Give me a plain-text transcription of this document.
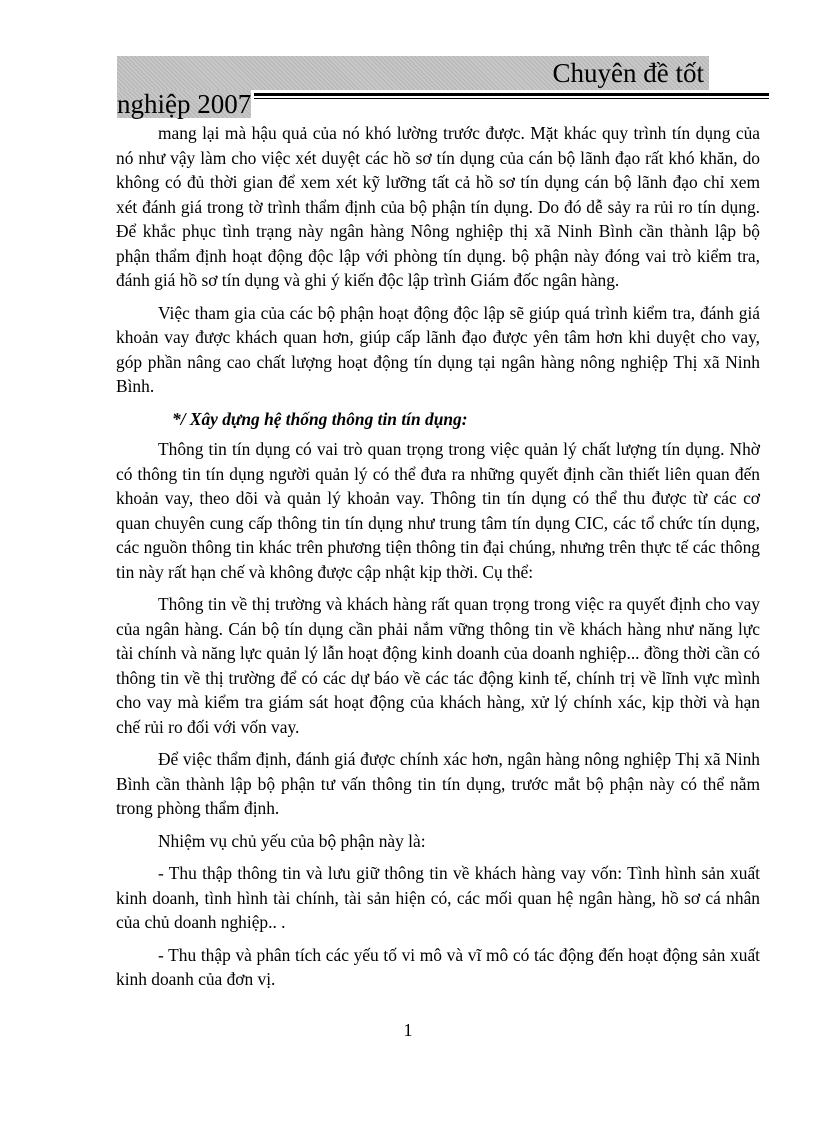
Chuyên đề tốt
nghiệp 2007

mang lại mà hậu quả của nó khó lường trước được. Mặt khác quy trình tín dụng của nó như vậy làm cho việc xét duyệt các hồ sơ tín dụng của cán bộ lãnh đạo rất khó khăn, do không có đủ thời gian để xem xét kỹ lưỡng tất cả hồ sơ tín dụng cán bộ lãnh đạo chỉ xem xét đánh giá trong tờ trình thẩm định của bộ phận tín dụng. Do đó dễ sảy ra rủi ro tín dụng. Để khắc phục tình trạng này ngân hàng Nông nghiệp thị xã Ninh Bình cần thành lập bộ phận thẩm định hoạt động độc lập với phòng tín dụng. bộ phận này đóng vai trò kiểm tra, đánh giá hồ sơ tín dụng và ghi ý kiến độc lập trình Giám đốc ngân hàng.

Việc tham gia của các bộ phận hoạt động độc lập sẽ giúp quá trình kiểm tra, đánh giá khoản vay được khách quan hơn, giúp cấp lãnh đạo được yên tâm hơn khi duyệt cho vay, góp phần nâng cao chất lượng hoạt động tín dụng tại ngân hàng nông nghiệp Thị xã Ninh Bình.

*/ Xây dựng hệ thống thông tin tín dụng:

Thông tin tín dụng có vai trò quan trọng trong việc quản lý chất lượng tín dụng. Nhờ có thông tin tín dụng người quản lý có thể đưa ra những quyết định cần thiết liên quan đến khoản vay, theo dõi và quản lý khoản vay. Thông tin tín dụng có thể thu được từ các cơ quan chuyên cung cấp thông tin tín dụng như trung tâm tín dụng CIC, các tổ chức tín dụng, các nguồn thông tin khác trên phương tiện thông tin đại chúng, nhưng trên thực tế các thông tin này rất hạn chế và không được cập nhật kịp thời. Cụ thể:

Thông tin về thị trường và khách hàng rất quan trọng trong việc ra quyết định cho vay của ngân hàng. Cán bộ tín dụng cần phải nắm vững thông tin về khách hàng như năng lực tài chính và năng lực quản lý lẫn hoạt động kinh doanh của doanh nghiệp... đồng thời cần có thông tin về thị trường để có các dự báo về các tác động kinh tế, chính trị về lĩnh vực mình cho vay mà kiểm tra giám sát hoạt động của khách hàng, xử lý chính xác, kịp thời và hạn chế rủi ro đối với vốn vay.

Để việc thẩm định, đánh giá được chính xác hơn, ngân hàng nông nghiệp Thị xã Ninh Bình cần thành lập bộ phận tư vấn thông tin tín dụng, trước mắt bộ phận này có thể nằm trong phòng thẩm định.

Nhiệm vụ chủ yếu của bộ phận này là:

- Thu thập thông tin và lưu giữ thông tin về khách hàng vay vốn: Tình hình sản xuất kinh doanh, tình hình tài chính, tài sản hiện có, các mối quan hệ ngân hàng, hồ sơ cá nhân của chủ doanh nghiệp.. .

- Thu thập và phân tích các yếu tố vi mô và vĩ mô có tác động đến hoạt động sản xuất kinh doanh của đơn vị.

1
